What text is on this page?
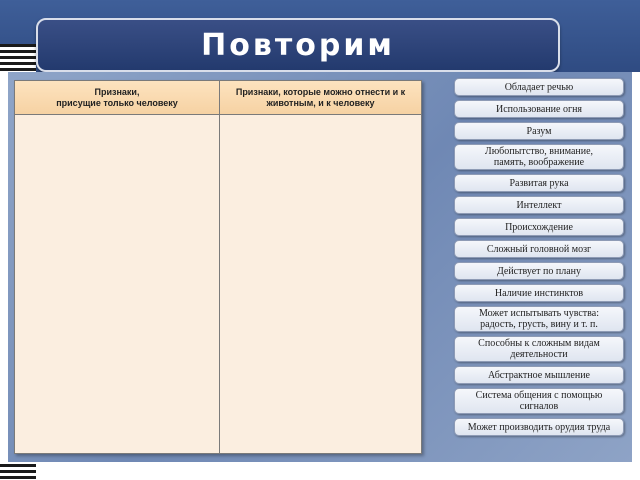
Повторим
Признаки,
присущие только человеку
Признаки, которые можно отнести и к
животным, и к человеку
Обладает речью
Использование огня
Разум
Любопытство, внимание,
память, воображение
Развитая рука
Интеллект
Происхождение
Сложный головной мозг
Действует по плану
Наличие инстинктов
Может испытывать чувства:
радость, грусть, вину и т. п.
Способны к сложным видам
деятельности
Абстрактное мышление
Система общения с помощью
сигналов
Может производить орудия труда
